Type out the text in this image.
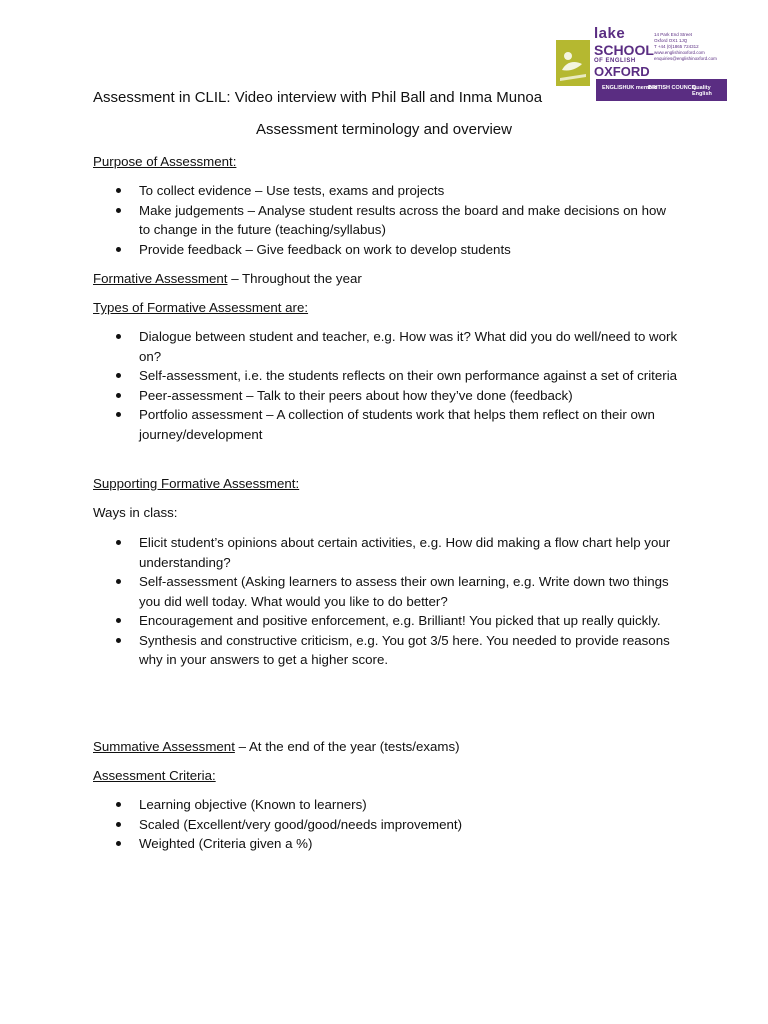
lake
SCHOOL
OF ENGLISH
OXFORD
14 Park End Street
Oxford OX1 1JQ
T +44 (0)1865 724312
www.englishinoxford.com
enquiries@englishinoxford.com
ENGLISHUK member
BRITISH COUNCIL
Quality English
Assessment in CLIL: Video interview with Phil Ball and Inma Munoa
Assessment terminology and overview

Purpose of Assessment:

To collect evidence – Use tests, exams and projects
Make judgements – Analyse student results across the board and make decisions on how to change in the future (teaching/syllabus)
Provide feedback – Give feedback on work to develop students

Formative Assessment – Throughout the year

Types of Formative Assessment are:

Dialogue between student and teacher, e.g. How was it? What did you do well/need to work on?
Self-assessment, i.e. the students reflects on their own performance against a set of criteria
Peer-assessment – Talk to their peers about how they’ve done (feedback)
Portfolio assessment – A collection of students work that helps them reflect on their own journey/development

Supporting Formative Assessment:

Ways in class:

Elicit student’s opinions about certain activities, e.g. How did making a flow chart help your understanding?
Self-assessment (Asking learners to assess their own learning, e.g. Write down two things you did well today. What would you like to do better?
Encouragement and positive enforcement, e.g. Brilliant! You picked that up really quickly.
Synthesis and constructive criticism, e.g. You got 3/5 here. You needed to provide reasons why in your answers to get a higher score.

Summative Assessment – At the end of the year (tests/exams)

Assessment Criteria:

Learning objective (Known to learners)
Scaled (Excellent/very good/good/needs improvement)
Weighted (Criteria given a %)
